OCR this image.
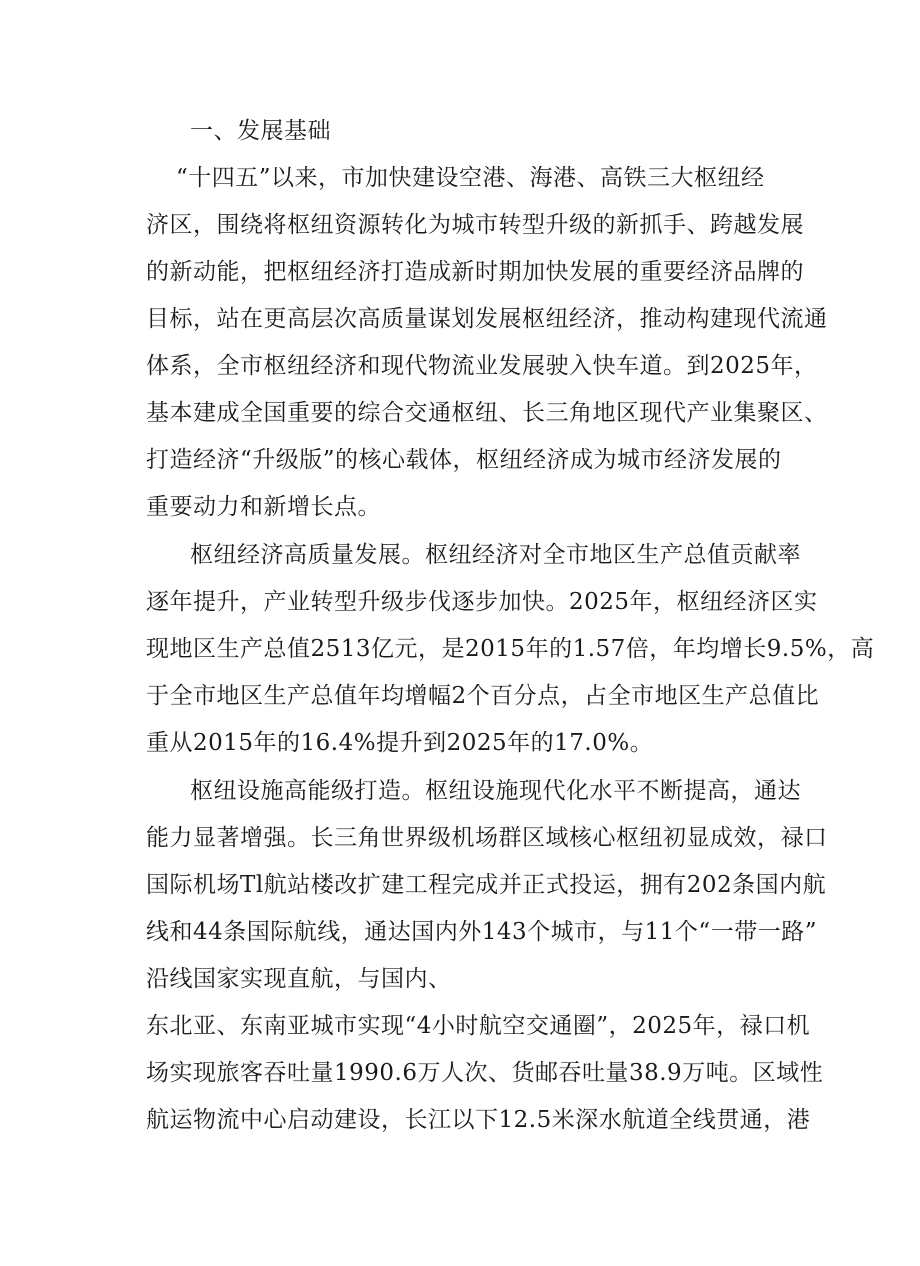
一、发展基础
“十四五”以来，市加快建设空港、海港、高铁三大枢纽经
济区，围绕将枢纽资源转化为城市转型升级的新抓手、跨越发展
的新动能，把枢纽经济打造成新时期加快发展的重要经济品牌的
目标，站在更高层次高质量谋划发展枢纽经济，推动构建现代流通
体系，全市枢纽经济和现代物流业发展驶入快车道。到2025年，
基本建成全国重要的综合交通枢纽、长三角地区现代产业集聚区、
打造经济“升级版”的核心载体，枢纽经济成为城市经济发展的
重要动力和新增长点。
枢纽经济高质量发展。枢纽经济对全市地区生产总值贡献率
逐年提升，产业转型升级步伐逐步加快。2025年，枢纽经济区实
现地区生产总值2513亿元，是2015年的1.57倍，年均增长9.5%，高
于全市地区生产总值年均增幅2个百分点，占全市地区生产总值比
重从2015年的16.4%提升到2025年的17.0%。
枢纽设施高能级打造。枢纽设施现代化水平不断提高，通达
能力显著增强。长三角世界级机场群区域核心枢纽初显成效，禄口
国际机场Tl航站楼改扩建工程完成并正式投运，拥有202条国内航
线和44条国际航线，通达国内外143个城市，与11个“一带一路”
沿线国家实现直航，与国内、
东北亚、东南亚城市实现“4小时航空交通圈”，2025年，禄口机
场实现旅客吞吐量1990.6万人次、货邮吞吐量38.9万吨。区域性
航运物流中心启动建设，长江以下12.5米深水航道全线贯通，港
